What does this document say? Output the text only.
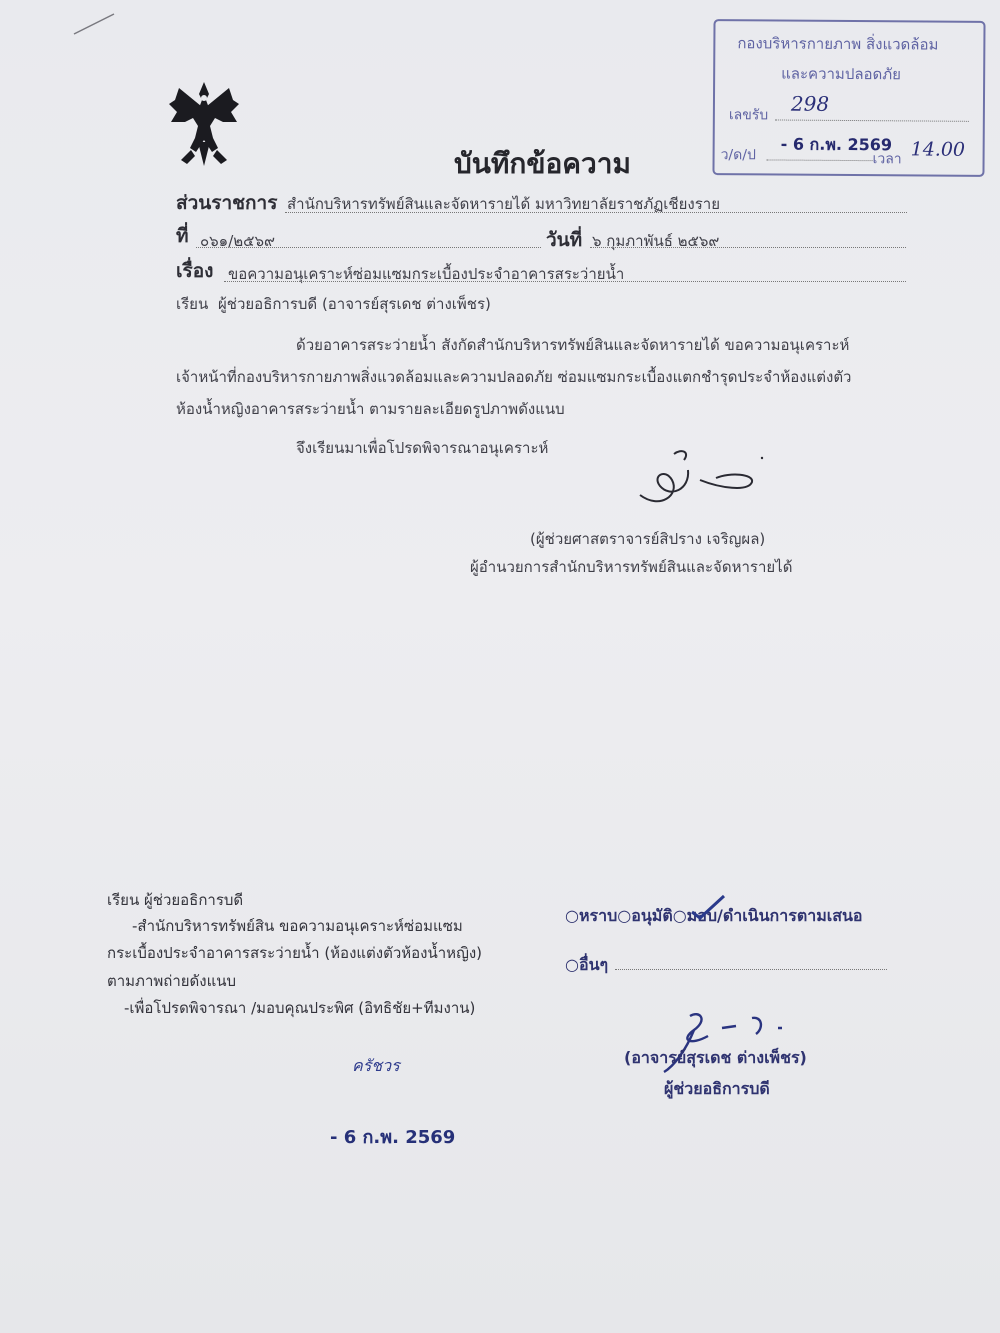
กองบริหารกายภาพ สิ่งแวดล้อม
และความปลอดภัย
เลขรับ 298
ว/ด/ป
- 6 ก.พ. 2569
เวลา 14.00
บันทึกข้อความ
ส่วนราชการ สำนักบริหารทรัพย์สินและจัดหารายได้ มหาวิทยาลัยราชภัฏเชียงราย
ที่ ๐๖๑/๒๕๖๙	วันที่ ๖ กุมภาพันธ์ ๒๕๖๙
เรื่อง ขอความอนุเคราะห์ซ่อมแซมกระเบื้องประจำอาคารสระว่ายน้ำ
เรียน ผู้ช่วยอธิการบดี (อาจารย์สุรเดช ต่างเพ็ชร)
ด้วยอาคารสระว่ายน้ำ สังกัดสำนักบริหารทรัพย์สินและจัดหารายได้ ขอความอนุเคราะห์
เจ้าหน้าที่กองบริหารกายภาพสิ่งแวดล้อมและความปลอดภัย ซ่อมแซมกระเบื้องแตกชำรุดประจำห้องแต่งตัว
ห้องน้ำหญิงอาคารสระว่ายน้ำ ตามรายละเอียดรูปภาพดังแนบ
จึงเรียนมาเพื่อโปรดพิจารณาอนุเคราะห์
(ผู้ช่วยศาสตราจารย์สิปราง เจริญผล)
ผู้อำนวยการสำนักบริหารทรัพย์สินและจัดหารายได้
เรียน ผู้ช่วยอธิการบดี
-สำนักบริหารทรัพย์สิน ขอความอนุเคราะห์ซ่อมแซม
กระเบื้องประจำอาคารสระว่ายน้ำ (ห้องแต่งตัวห้องน้ำหญิง)
ตามภาพถ่ายดังแนบ
-เพื่อโปรดพิจารณา /มอบคุณประพิศ (อิทธิชัย+ทีมงาน)
ครัชวร
- 6 ก.พ. 2569
○หราบ○อนุมัติ○มอบ/ดำเนินการตามเสนอ
○อื่นๆ
(อาจารย์สุรเดช ต่างเพ็ชร)
ผู้ช่วยอธิการบดี
